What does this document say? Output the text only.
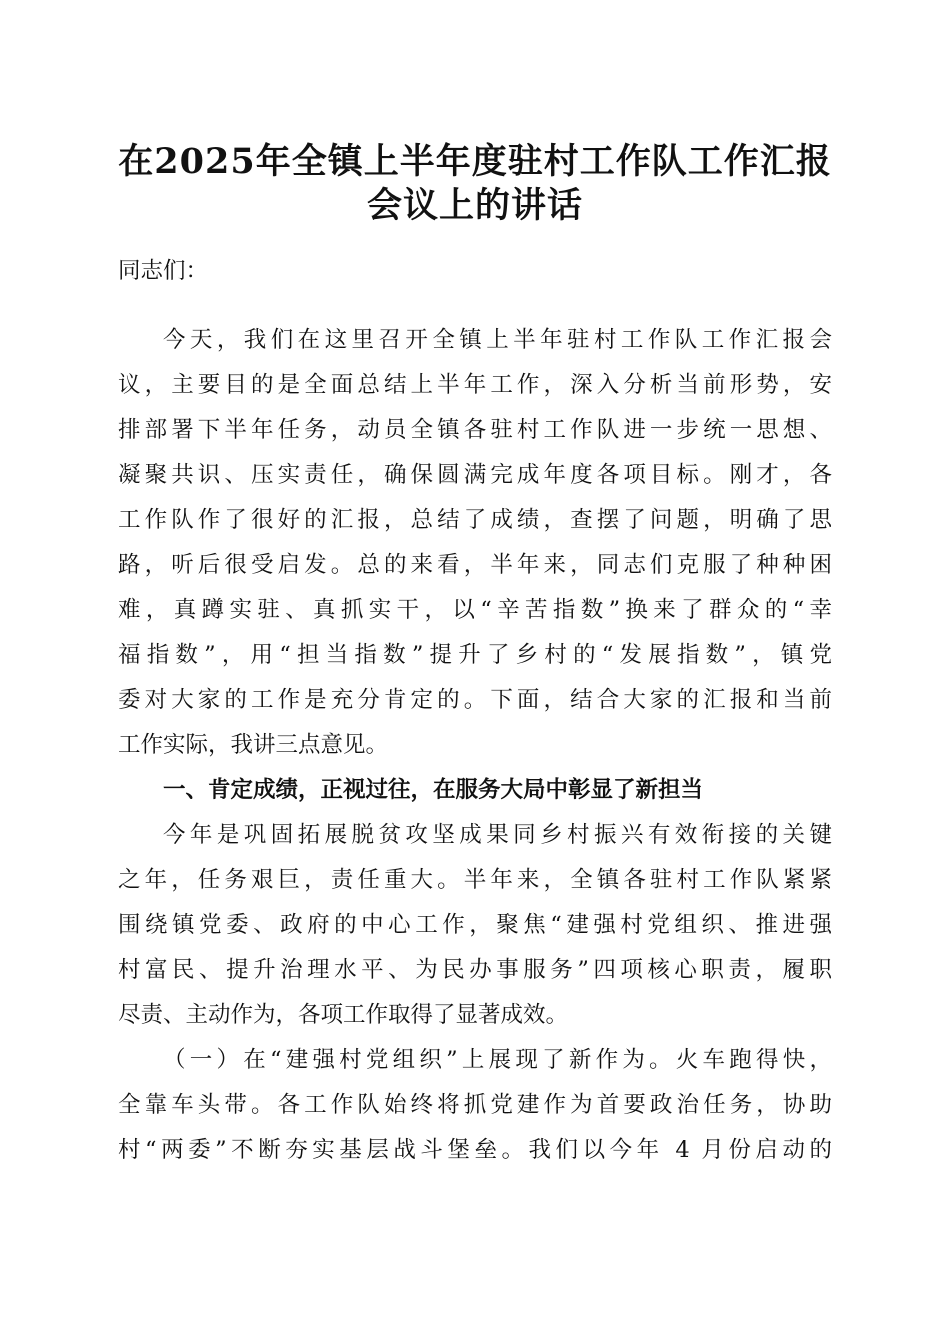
在2025年全镇上半年度驻村工作队工作汇报
会议上的讲话
同志们：
今天，我们在这里召开全镇上半年驻村工作队工作汇报会
议，主要目的是全面总结上半年工作，深入分析当前形势，安
排部署下半年任务，动员全镇各驻村工作队进一步统一思想、
凝聚共识、压实责任，确保圆满完成年度各项目标。刚才，各
工作队作了很好的汇报，总结了成绩，查摆了问题，明确了思
路，听后很受启发。总的来看，半年来，同志们克服了种种困
难，真蹲实驻、真抓实干，以“辛苦指数”换来了群众的“幸
福指数”，用“担当指数”提升了乡村的“发展指数”，镇党
委对大家的工作是充分肯定的。下面，结合大家的汇报和当前
工作实际，我讲三点意见。
一、肯定成绩，正视过往，在服务大局中彰显了新担当
今年是巩固拓展脱贫攻坚成果同乡村振兴有效衔接的关键
之年，任务艰巨，责任重大。半年来，全镇各驻村工作队紧紧
围绕镇党委、政府的中心工作，聚焦“建强村党组织、推进强
村富民、提升治理水平、为民办事服务”四项核心职责，履职
尽责、主动作为，各项工作取得了显著成效。
（一）在“建强村党组织”上展现了新作为。火车跑得快，
全靠车头带。各工作队始终将抓党建作为首要政治任务，协助
村“两委”不断夯实基层战斗堡垒。我们以今年 4 月份启动的
